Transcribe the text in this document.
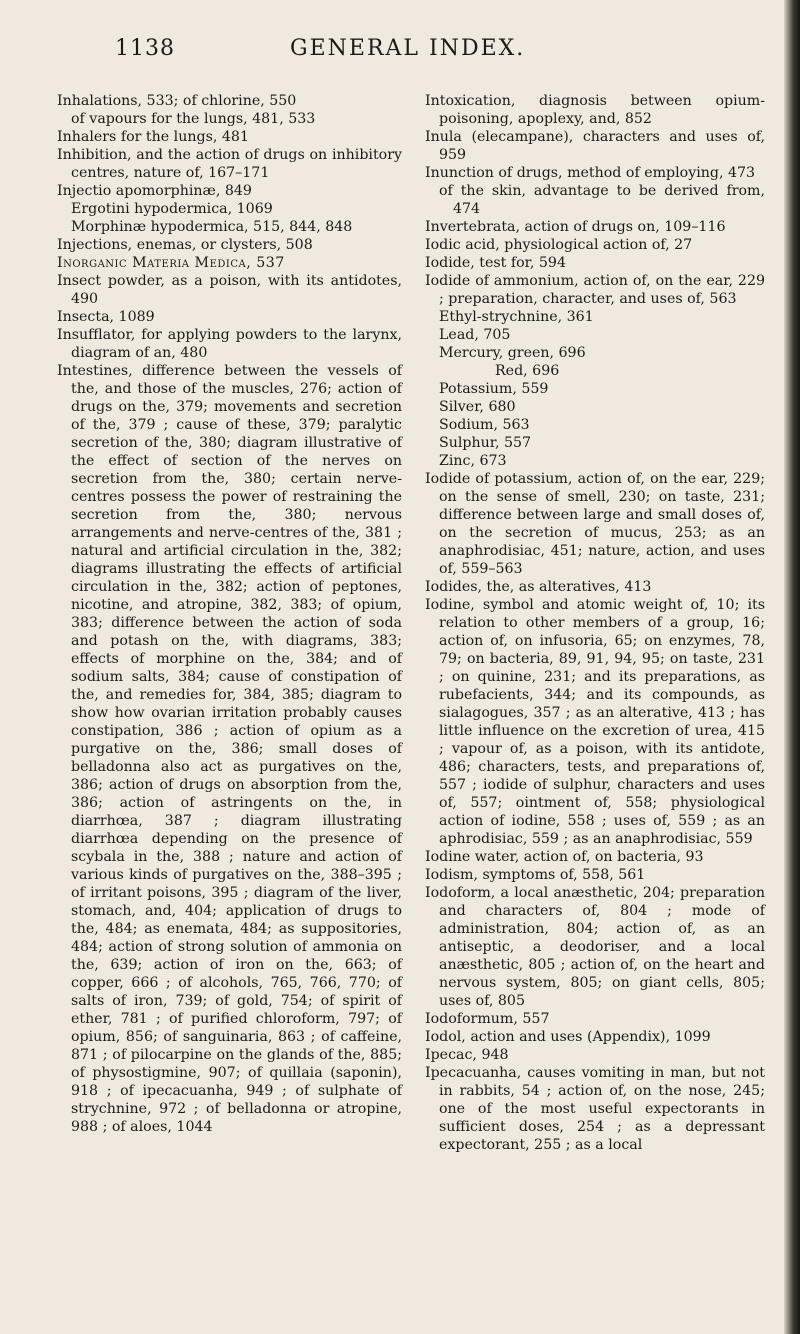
1138	GENERAL INDEX.

Inhalations, 533; of chlorine, 550

of vapours for the lungs, 481, 533

Inhalers for the lungs, 481

Inhibition, and the action of drugs on inhibitory centres, nature of, 167–171

Injectio apomorphinæ, 849

Ergotini hypodermica, 1069

Morphinæ hypodermica, 515, 844, 848

Injections, enemas, or clysters, 508

Inorganic Materia Medica, 537

Insect powder, as a poison, with its antidotes, 490

Insecta, 1089

Insufflator, for applying powders to the larynx, diagram of an, 480

Intestines, difference between the vessels of the, and those of the muscles, 276; action of drugs on the, 379; movements and secretion of the, 379 ; cause of these, 379; paralytic secretion of the, 380; diagram illustrative of the effect of section of the nerves on secretion from the, 380; certain nerve-centres possess the power of restraining the secretion from the, 380; nervous arrangements and nerve-centres of the, 381 ; natural and artificial circulation in the, 382; diagrams illustrating the effects of artificial circulation in the, 382; action of peptones, nicotine, and atropine, 382, 383; of opium, 383; difference between the action of soda and potash on the, with diagrams, 383; effects of morphine on the, 384; and of sodium salts, 384; cause of constipation of the, and remedies for, 384, 385; diagram to show how ovarian irritation probably causes constipation, 386 ; action of opium as a purgative on the, 386; small doses of belladonna also act as purgatives on the, 386; action of drugs on absorption from the, 386; action of astringents on the, in diarrhœa, 387 ; diagram illustrating diarrhœa depending on the presence of scybala in the, 388 ; nature and action of various kinds of purgatives on the, 388–395 ; of irritant poisons, 395 ; diagram of the liver, stomach, and, 404; application of drugs to the, 484; as enemata, 484; as suppositories, 484; action of strong solution of ammonia on the, 639; action of iron on the, 663; of copper, 666 ; of alcohols, 765, 766, 770; of salts of iron, 739; of gold, 754; of spirit of ether, 781 ; of purified chloroform, 797; of opium, 856; of sanguinaria, 863 ; of caffeine, 871 ; of pilocarpine on the glands of the, 885; of physostigmine, 907; of quillaia (saponin), 918 ; of ipecacuanha, 949 ; of sulphate of strychnine, 972 ; of belladonna or atropine, 988 ; of aloes, 1044

Intoxication, diagnosis between opium-poisoning, apoplexy, and, 852

Inula (elecampane), characters and uses of, 959

Inunction of drugs, method of employing, 473

of the skin, advantage to be derived from, 474

Invertebrata, action of drugs on, 109–116

Iodic acid, physiological action of, 27

Iodide, test for, 594

Iodide of ammonium, action of, on the ear, 229 ; preparation, character, and uses of, 563

Ethyl-strychnine, 361

Lead, 705

Mercury, green, 696

Red, 696

Potassium, 559

Silver, 680

Sodium, 563

Sulphur, 557

Zinc, 673

Iodide of potassium, action of, on the ear, 229; on the sense of smell, 230; on taste, 231; difference between large and small doses of, on the secretion of mucus, 253; as an anaphrodisiac, 451; nature, action, and uses of, 559–563

Iodides, the, as alteratives, 413

Iodine, symbol and atomic weight of, 10; its relation to other members of a group, 16; action of, on infusoria, 65; on enzymes, 78, 79; on bacteria, 89, 91, 94, 95; on taste, 231 ; on quinine, 231; and its preparations, as rubefacients, 344; and its compounds, as sialagogues, 357 ; as an alterative, 413 ; has little influence on the excretion of urea, 415 ; vapour of, as a poison, with its antidote, 486; characters, tests, and preparations of, 557 ; iodide of sulphur, characters and uses of, 557; ointment of, 558; physiological action of iodine, 558 ; uses of, 559 ; as an aphrodisiac, 559 ; as an anaphrodisiac, 559

Iodine water, action of, on bacteria, 93

Iodism, symptoms of, 558, 561

Iodoform, a local anæsthetic, 204; preparation and characters of, 804 ; mode of administration, 804; action of, as an antiseptic, a deodoriser, and a local anæsthetic, 805 ; action of, on the heart and nervous system, 805; on giant cells, 805; uses of, 805

Iodoformum, 557

Iodol, action and uses (Appendix), 1099

Ipecac, 948

Ipecacuanha, causes vomiting in man, but not in rabbits, 54 ; action of, on the nose, 245; one of the most useful expectorants in sufficient doses, 254 ; as a depressant expectorant, 255 ; as a local
